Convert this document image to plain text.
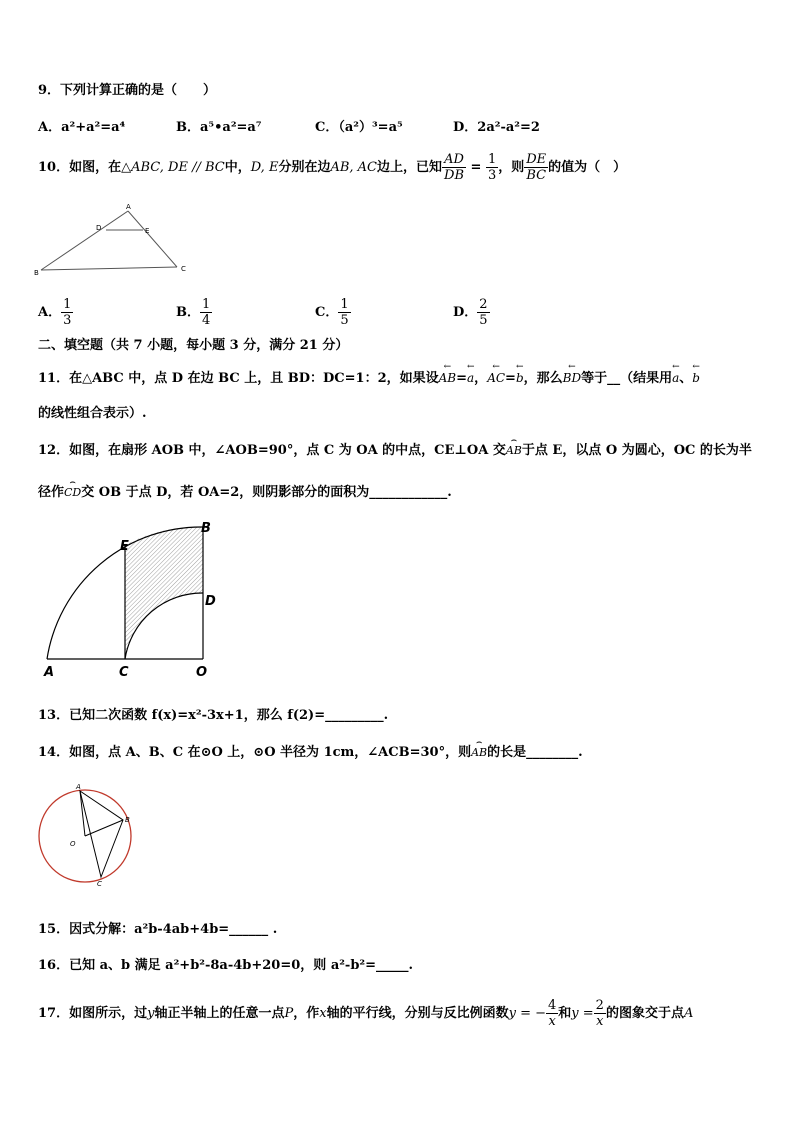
9．下列计算正确的是（　　）
A．a²+a²=a⁴	B．a⁵•a²=a⁷	C．（a²）³=a⁵	D．2a²-a²=2
10．如图，在△ABC, DE // BC中，D, E分别在边AB, AC边上，已知 $\frac{AD}{DB} = \frac{1}{3}$ ，则 $\frac{DE}{BC}$ 的值为（　）
A
D	E
B	C
A． $\frac{1}{3}$	B． $\frac{1}{4}$	C． $\frac{1}{5}$	D． $\frac{2}{5}$
二、填空题（共 7 小题，每小题 3 分，满分 21 分）
11．在△ABC 中，点 D 在边 BC 上，且 BD：DC=1：2，如果设← AB=← a，← AC=← b，那么← BD等于__（结果用← a、← b
的线性组合表示）.
12．如图，在扇形 AOB 中，∠AOB=90°，点 C 为 OA 的中点，CE⊥OA 交⌢ AB于点 E，以点 O 为圆心，OC 的长为半
径作⌢ CD交 OB 于点 D，若 OA=2，则阴影部分的面积为____________.
A	C	O
E
B
D
13．已知二次函数 f(x)=x²-3x+1，那么 f(2)=_________.
14．如图，点 A、B、C 在⊙O 上，⊙O 半径为 1cm，∠ACB=30°，则⌢ AB的长是________.
A
B
C
O
15．因式分解：a²b-4ab+4b=______ .
16．已知 a、b 满足 a²+b²-8a-4b+20=0，则 a²-b²=_____.
17．如图所示，过y轴正半轴上的任意一点P，作x轴的平行线，分别与反比例函数y = − $\frac{4}{x}$ 和$y = \frac{2}{x}$ 的图象交于点A
